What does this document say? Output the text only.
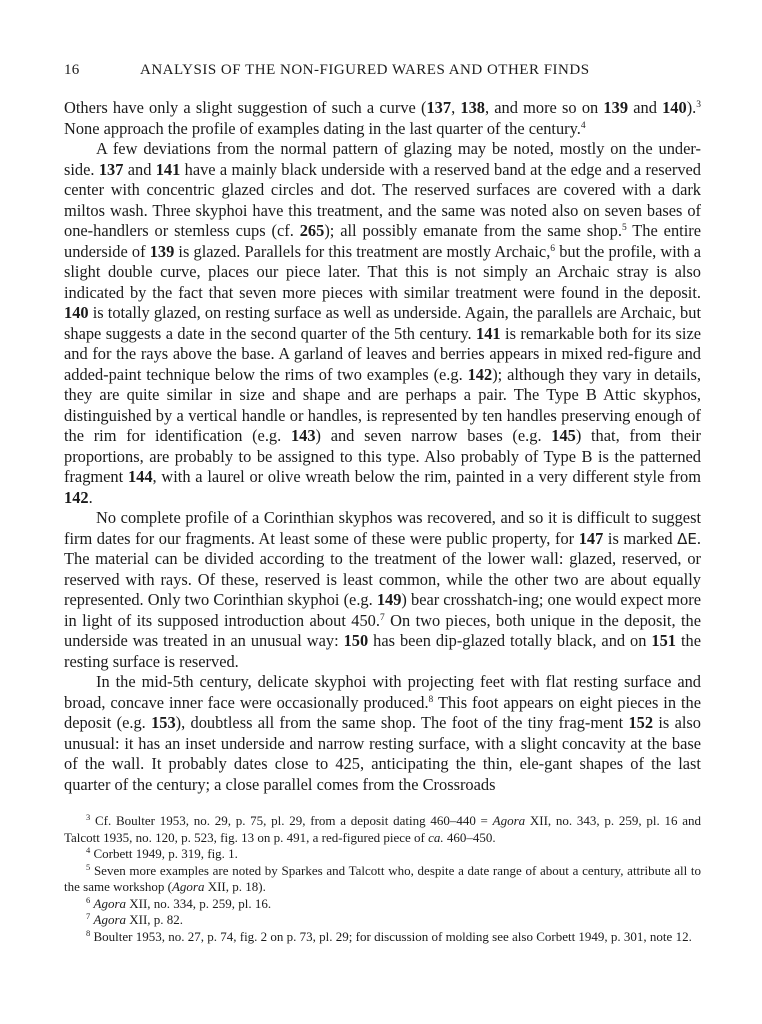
16	ANALYSIS OF THE NON-FIGURED WARES AND OTHER FINDS

Others have only a slight suggestion of such a curve (137, 138, and more so on 139 and 140).$^3$ None approach the profile of examples dating in the last quarter of the century.$^4$

A few deviations from the normal pattern of glazing may be noted, mostly on the under-side. 137 and 141 have a mainly black underside with a reserved band at the edge and a reserved center with concentric glazed circles and dot. The reserved surfaces are covered with a dark miltos wash. Three skyphoi have this treatment, and the same was noted also on seven bases of one-handlers or stemless cups (cf. 265); all possibly emanate from the same shop.$^5$ The entire underside of 139 is glazed. Parallels for this treatment are mostly Archaic,$^6$ but the profile, with a slight double curve, places our piece later. That this is not simply an Archaic stray is also indicated by the fact that seven more pieces with similar treatment were found in the deposit. 140 is totally glazed, on resting surface as well as underside. Again, the parallels are Archaic, but shape suggests a date in the second quarter of the 5th century. 141 is remarkable both for its size and for the rays above the base. A garland of leaves and berries appears in mixed red-figure and added-paint technique below the rims of two examples (e.g. 142); although they vary in details, they are quite similar in size and shape and are perhaps a pair. The Type B Attic skyphos, distinguished by a vertical handle or handles, is represented by ten handles preserving enough of the rim for identification (e.g. 143) and seven narrow bases (e.g. 145) that, from their proportions, are probably to be assigned to this type. Also probably of Type B is the patterned fragment 144, with a laurel or olive wreath below the rim, painted in a very different style from 142.

No complete profile of a Corinthian skyphos was recovered, and so it is difficult to suggest firm dates for our fragments. At least some of these were public property, for 147 is marked ΔΕ. The material can be divided according to the treatment of the lower wall: glazed, reserved, or reserved with rays. Of these, reserved is least common, while the other two are about equally represented. Only two Corinthian skyphoi (e.g. 149) bear crosshatch-ing; one would expect more in light of its supposed introduction about 450.$^7$ On two pieces, both unique in the deposit, the underside was treated in an unusual way: 150 has been dip-glazed totally black, and on 151 the resting surface is reserved.

In the mid-5th century, delicate skyphoi with projecting feet with flat resting surface and broad, concave inner face were occasionally produced.$^8$ This foot appears on eight pieces in the deposit (e.g. 153), doubtless all from the same shop. The foot of the tiny frag-ment 152 is also unusual: it has an inset underside and narrow resting surface, with a slight concavity at the base of the wall. It probably dates close to 425, anticipating the thin, ele-gant shapes of the last quarter of the century; a close parallel comes from the Crossroads

$^3$ Cf. Boulter 1953, no. 29, p. 75, pl. 29, from a deposit dating 460–440 = Agora XII, no. 343, p. 259, pl. 16 and Talcott 1935, no. 120, p. 523, fig. 13 on p. 491, a red-figured piece of ca. 460–450.

$^4$ Corbett 1949, p. 319, fig. 1.

$^5$ Seven more examples are noted by Sparkes and Talcott who, despite a date range of about a century, attribute all to the same workshop (Agora XII, p. 18).

$^6$ Agora XII, no. 334, p. 259, pl. 16.

$^7$ Agora XII, p. 82.

$^8$ Boulter 1953, no. 27, p. 74, fig. 2 on p. 73, pl. 29; for discussion of molding see also Corbett 1949, p. 301, note 12.
